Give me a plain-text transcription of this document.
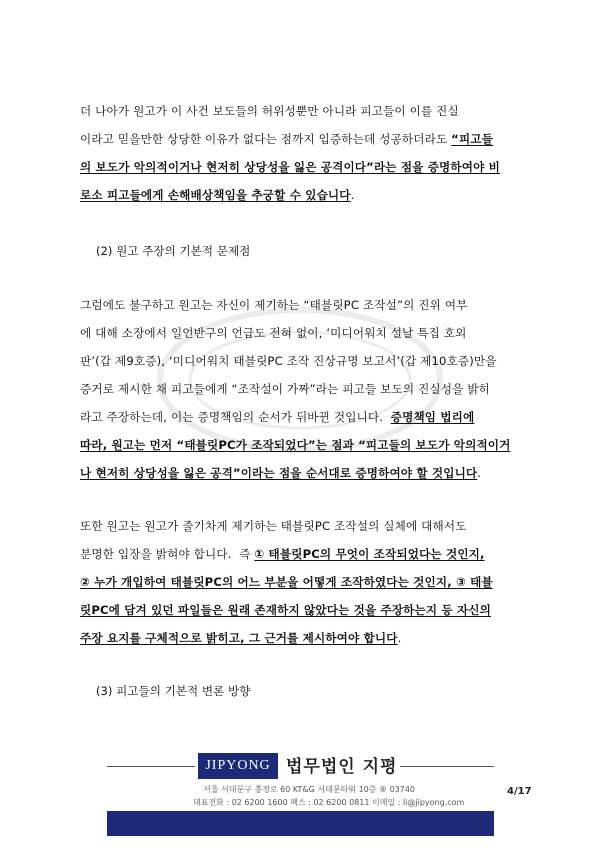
더 나아가 원고가 이 사건 보도들의 허위성뿐만 아니라 피고들이 이를 진실
이라고 믿을만한 상당한 이유가 없다는 점까지 입증하는데 성공하더라도 “피고들
의 보도가 악의적이거나 현저히 상당성을 잃은 공격이다”라는 점을 증명하여야 비
로소 피고들에게 손해배상책임을 추궁할 수 있습니다.

(2) 원고 주장의 기본적 문제점

그럼에도 불구하고 원고는 자신이 제기하는 “태블릿PC 조작설”의 진위 여부
에 대해 소장에서 일언반구의 언급도 전혀 없이, ‘미디어워치 설날 특집 호외
판’(갑 제9호증), ‘미디어워치 태블릿PC 조작 진상규명 보고서’(갑 제10호증)만을
증거로 제시한 채 피고들에게 “조작설이 가짜”라는 피고들 보도의 진실성을 밝히
라고 주장하는데, 이는 증명책임의 순서가 뒤바뀐 것입니다.  증명책임 법리에
따라, 원고는 먼저 “태블릿PC가 조작되었다”는 점과 “피고들의 보도가 악의적이거
나 현저히 상당성을 잃은 공격”이라는 점을 순서대로 증명하여야 할 것입니다.
또한 원고는 원고가 줄기차게 제기하는 태블릿PC 조작설의 실체에 대해서도
분명한 입장을 밝혀야 합니다.  즉 ① 태블릿PC의 무엇이 조작되었다는 것인지,
② 누가 개입하여 태블릿PC의 어느 부분을 어떻게 조작하였다는 것인지, ③ 태블
릿PC에 담겨 있던 파일들은 원래 존재하지 않았다는 것을 주장하는지 등 자신의
주장 요지를 구체적으로 밝히고, 그 근거를 제시하여야 합니다.

(3) 피고들의 기본적 변론 방향

JIPYONG 법무법인 지평
서울 서대문구 충정로 60 KT&G 서대문타워 10층 ® 03740
대표전화 : 02 6200 1600 팩스 : 02 6200 0811 이메일 : li@jipyong.com
4/17
